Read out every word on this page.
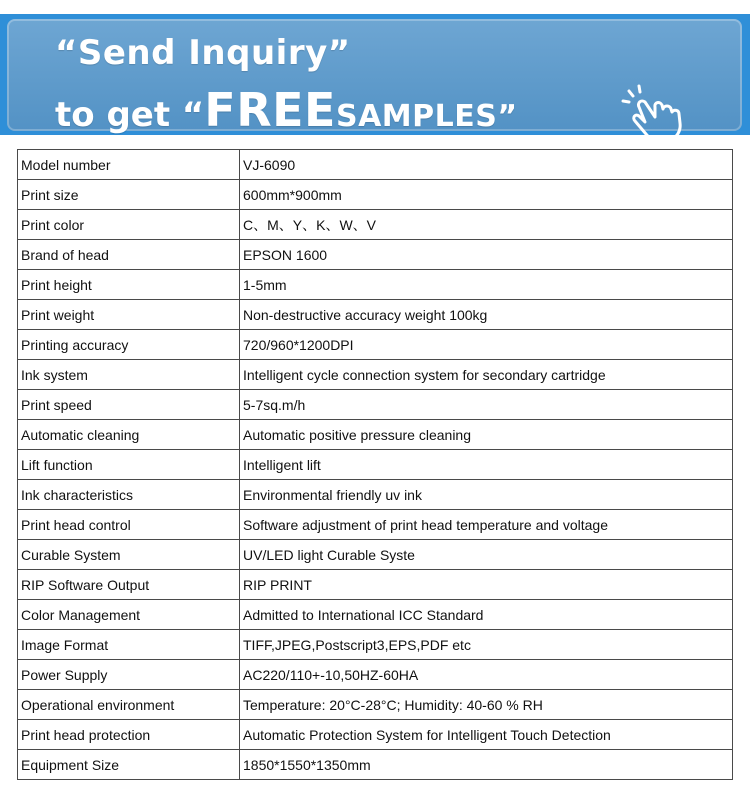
“Send Inquiry”
to get “ FREE SAMPLES”
Model number	VJ-6090
Print size	600mm*900mm
Print color	C、M、Y、K、W、V
Brand of head	EPSON 1600
Print height	1-5mm
Print weight	Non-destructive accuracy weight 100kg
Printing accuracy	720/960*1200DPI
Ink system	Intelligent cycle connection system for secondary cartridge
Print speed	5-7sq.m/h
Automatic cleaning	Automatic positive pressure cleaning
Lift function	Intelligent lift
Ink characteristics	Environmental friendly uv ink
Print head control	Software adjustment of print head temperature and voltage
Curable System	UV/LED light Curable Syste
RIP Software Output	RIP PRINT
Color Management	Admitted to International ICC Standard
Image Format	TIFF,JPEG,Postscript3,EPS,PDF etc
Power Supply	AC220/110+-10,50HZ-60HA
Operational environment	Temperature: 20°C-28°C; Humidity: 40-60 % RH
Print head protection	Automatic Protection System for Intelligent Touch Detection
Equipment Size	1850*1550*1350mm
